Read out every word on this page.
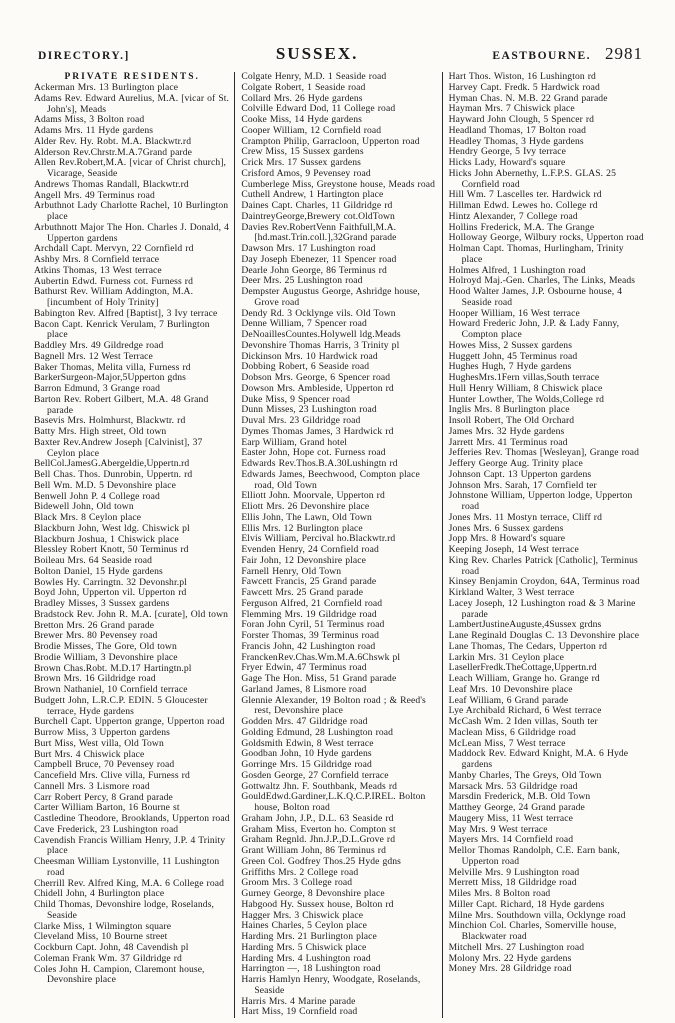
DIRECTORY.]	SUSSEX.	EASTBOURNE. 2981
PRIVATE RESIDENTS.
Ackerman Mrs. 13 Burlington place
Adams Rev. Edward Aurelius, M.A. [vicar of St. John's], Meads
Adams Miss, 3 Bolton road
Adams Mrs. 11 Hyde gardens
Alder Rev. Hy. Robt. M.A. Blackwtr.rd
Alderson Rev.Chrstr.M.A.7Grand parde
Allen Rev.Robert,M.A. [vicar of Christ church], Vicarage, Seaside
Andrews Thomas Randall, Blackwtr.rd
Angell Mrs. 49 Terminus road
Arbuthnot Lady Charlotte Rachel, 10 Burlington place
Arbuthnott Major The Hon. Charles J. Donald, 4 Upperton gardens
Archdall Capt. Mervyn, 22 Cornfield rd
Ashby Mrs. 8 Cornfield terrace
Atkins Thomas, 13 West terrace
Aubertin Edwd. Furness cot. Furness rd
Bathurst Rev. William Addington, M.A. [incumbent of Holy Trinity]
Babington Rev. Alfred [Baptist], 3 Ivy terrace
Bacon Capt. Kenrick Verulam, 7 Burlington place
Baddley Mrs. 49 Gildredge road
Bagnell Mrs. 12 West Terrace
Baker Thomas, Melita villa, Furness rd
BarkerSurgeon-Major,5Upperton gdns
Barron Edmund, 3 Grange road
Barton Rev. Robert Gilbert, M.A. 48 Grand parade
Basevis Mrs. Holmhurst, Blackwtr. rd
Batty Mrs. High street, Old town
Baxter Rev.Andrew Joseph [Calvinist], 37 Ceylon place
BellCol.JamesG.Abergeldie,Uppertn.rd
Bell Chas. Thos. Dunrobin, Uppertn. rd
Bell Wm. M.D. 5 Devonshire place
Benwell John P. 4 College road
Bidewell John, Old town
Black Mrs. 8 Ceylon place
Blackburn John, West ldg. Chiswick pl
Blackburn Joshua, 1 Chiswick place
Blessley Robert Knott, 50 Terminus rd
Boileau Mrs. 64 Seaside road
Bolton Daniel, 15 Hyde gardens
Bowles Hy. Carringtn. 32 Devonshr.pl
Boyd John, Upperton vil. Upperton rd
Bradley Misses, 3 Sussex gardens
Bradstock Rev. John R. M.A. [curate], Old town
Bretton Mrs. 26 Grand parade
Brewer Mrs. 80 Pevensey road
Brodie Misses, The Gore, Old town
Brodie William, 3 Devonshire place
Brown Chas.Robt. M.D.17 Hartingtn.pl
Brown Mrs. 16 Gildridge road
Brown Nathaniel, 10 Cornfield terrace
Budgett John, L.R.C.P. EDIN. 5 Gloucester terrace, Hyde gardens
Burchell Capt. Upperton grange, Upperton road
Burrow Miss, 3 Upperton gardens
Burt Miss, West villa, Old Town
Burt Mrs. 4 Chiswick place
Campbell Bruce, 70 Pevensey road
Cancefield Mrs. Clive villa, Furness rd
Cannell Mrs. 3 Lismore road
Carr Robert Percy, 8 Grand parade
Carter William Barton, 16 Bourne st
Castledine Theodore, Brooklands, Upperton road
Cave Frederick, 23 Lushington road
Cavendish Francis William Henry, J.P. 4 Trinity place
Cheesman William Lystonville, 11 Lushington road
Cherrill Rev. Alfred King, M.A. 6 College road
Chidell John, 4 Burlington place
Child Thomas, Devonshire lodge, Roselands, Seaside
Clarke Miss, 1 Wilmington square
Cleveland Miss, 10 Bourne street
Cockburn Capt. John, 48 Cavendish pl
Coleman Frank Wm. 37 Gildridge rd
Coles John H. Campion, Claremont house, Devonshire place
Colgate Henry, M.D. 1 Seaside road
Colgate Robert, 1 Seaside road
Collard Mrs. 26 Hyde gardens
Colville Edward Dod, 11 College road
Cooke Miss, 14 Hyde gardens
Cooper William, 12 Cornfield road
Crampton Philip, Garracloon, Upperton road
Crew Miss, 15 Sussex gardens
Crick Mrs. 17 Sussex gardens
Crisford Amos, 9 Pevensey road
Cumberlege Miss, Greystone house, Meads road
Cuthell Andrew, 1 Hartington place
Daines Capt. Charles, 11 Gildridge rd
DaintreyGeorge,Brewery cot.OldTown
Davies Rev.RobertVenn Faithfull,M.A. [hd.mast.Trin.coll.],32Grand parade
Dawson Mrs. 17 Lushington road
Day Joseph Ebenezer, 11 Spencer road
Dearle John George, 86 Terminus rd
Deer Mrs. 25 Lushington road
Dempster Augustus George, Ashridge house, Grove road
Dendy Rd. 3 Ocklynge vils. Old Town
Denne William, 7 Spencer road
DeNoaillesCountes.Holywell ldg.Meads
Devonshire Thomas Harris, 3 Trinity pl
Dickinson Mrs. 10 Hardwick road
Dobbing Robert, 6 Seaside road
Dobson Mrs. George, 6 Spencer road
Dowson Mrs. Ambleside, Upperton rd
Duke Miss, 9 Spencer road
Dunn Misses, 23 Lushington road
Duval Mrs. 23 Gildridge road
Dymes Thomas James, 3 Hardwick rd
Earp William, Grand hotel
Easter John, Hope cot. Furness road
Edwards Rev.Thos.B.A.30Lushingtn rd
Edwards James, Beechwood, Compton place road, Old Town
Elliott John. Moorvale, Upperton rd
Eliott Mrs. 26 Devonshire place
Ellis John, The Lawn, Old Town
Ellis Mrs. 12 Burlington place
Elvis William, Percival ho.Blackwtr.rd
Evenden Henry, 24 Cornfield road
Fair John, 12 Devonshire place
Farnell Henry, Old Town
Fawcett Francis, 25 Grand parade
Fawcett Mrs. 25 Grand parade
Ferguson Alfred, 21 Cornfield road
Flemming Mrs. 19 Gildridge road
Foran John Cyril, 51 Terminus road
Forster Thomas, 39 Terminus road
Francis John, 42 Lushington road
FranckenRev.Chas.Wm.M.A.6Chswk pl
Fryer Edwin, 47 Terminus road
Gage The Hon. Miss, 51 Grand parade
Garland James, 8 Lismore road
Glennie Alexander, 19 Bolton road ; & Reed's rest, Devonshire place
Godden Mrs. 47 Gildridge road
Golding Edmund, 28 Lushington road
Goldsmith Edwin, 8 West terrace
Goodban John, 10 Hyde gardens
Gorringe Mrs. 15 Gildridge road
Gosden George, 27 Cornfield terrace
Gottwaltz Jhn. F. Southbank, Meads rd
GouldEdwd.Gardiner,L.K.Q.C.P.IREL. Bolton house, Bolton road
Graham John, J.P., D.L. 63 Seaside rd
Graham Miss, Everton ho. Compton st
Graham Regnld. Jhn.J.P.,D.L.Grove rd
Grant William John, 86 Terminus rd
Green Col. Godfrey Thos.25 Hyde gdns
Griffiths Mrs. 2 College road
Groom Mrs. 3 College road
Gurney George, 8 Devonshire place
Habgood Hy. Sussex house, Bolton rd
Hagger Mrs. 3 Chiswick place
Haines Charles, 5 Ceylon place
Harding Mrs. 21 Burlington place
Harding Mrs. 5 Chiswick place
Harding Mrs. 4 Lushington road
Harrington —, 18 Lushington road
Harris Hamlyn Henry, Woodgate, Roselands, Seaside
Harris Mrs. 4 Marine parade
Hart Miss, 19 Cornfield road
Hart Thos. Wiston, 16 Lushington rd
Harvey Capt. Fredk. 5 Hardwick road
Hyman Chas. N. M.B. 22 Grand parade
Hayman Mrs. 7 Chiswick place
Hayward John Clough, 5 Spencer rd
Headland Thomas, 17 Bolton road
Headley Thomas, 3 Hyde gardens
Hendry George, 5 Ivy terrace
Hicks Lady, Howard's square
Hicks John Abernethy, L.F.P.S. GLAS. 25 Cornfield road
Hill Wm. 7 Lascelles ter. Hardwick rd
Hillman Edwd. Lewes ho. College rd
Hintz Alexander, 7 College road
Hollins Frederick, M.A. The Grange
Holloway George, Wilbury rocks, Upperton road
Holman Capt. Thomas, Hurlingham, Trinity place
Holmes Alfred, 1 Lushington road
Holroyd Maj.-Gen. Charles, The Links, Meads
Hood Walter James, J.P. Osbourne house, 4 Seaside road
Hooper William, 16 West terrace
Howard Frederic John, J.P. & Lady Fanny, Compton place
Howes Miss, 2 Sussex gardens
Huggett John, 45 Terminus road
Hughes Hugh, 7 Hyde gardens
HughesMrs.1Fern villas,South terrace
Hull Henry William, 8 Chiswick place
Hunter Lowther, The Wolds,College rd
Inglis Mrs. 8 Burlington place
Insoll Robert, The Old Orchard
James Mrs. 32 Hyde gardens
Jarrett Mrs. 41 Terminus road
Jefferies Rev. Thomas [Wesleyan], Grange road
Jeffery George Aug. Trinity place
Johnson Capt. 13 Upperton gardens
Johnson Mrs. Sarah, 17 Cornfield ter
Johnstone William, Upperton lodge, Upperton road
Jones Mrs. 11 Mostyn terrace, Cliff rd
Jones Mrs. 6 Sussex gardens
Jopp Mrs. 8 Howard's square
Keeping Joseph, 14 West terrace
King Rev. Charles Patrick [Catholic], Terminus road
Kinsey Benjamin Croydon, 64A, Terminus road
Kirkland Walter, 3 West terrace
Lacey Joseph, 12 Lushington road & 3 Marine parade
LambertJustineAuguste,4Sussex grdns
Lane Reginald Douglas C. 13 Devonshire place
Lane Thomas, The Cedars, Upperton rd
Larkin Mrs. 31 Ceylon place
LasellerFredk.TheCottage,Uppertn.rd
Leach William, Grange ho. Grange rd
Leaf Mrs. 10 Devonshire place
Leaf William, 6 Grand parade
Lye Archibald Richard, 6 West terrace
McCash Wm. 2 Iden villas, South ter
Maclean Miss, 6 Gildridge road
McLean Miss, 7 West terrace
Maddock Rev. Edward Knight, M.A. 6 Hyde gardens
Manby Charles, The Greys, Old Town
Marsack Mrs. 53 Gildridge road
Marsdin Frederick, M.B. Old Town
Matthey George, 24 Grand parade
Maugery Miss, 11 West terrace
May Mrs. 9 West terrace
Mayers Mrs. 14 Cornfield road
Mellor Thomas Randolph, C.E. Earn bank, Upperton road
Melville Mrs. 9 Lushington road
Merrett Miss, 18 Gildridge road
Miles Mrs. 8 Bolton road
Miller Capt. Richard, 18 Hyde gardens
Milne Mrs. Southdown villa, Ocklynge road
Minchion Col. Charles, Somerville house, Blackwater road
Mitchell Mrs. 27 Lushington road
Molony Mrs. 22 Hyde gardens
Money Mrs. 28 Gildridge road
